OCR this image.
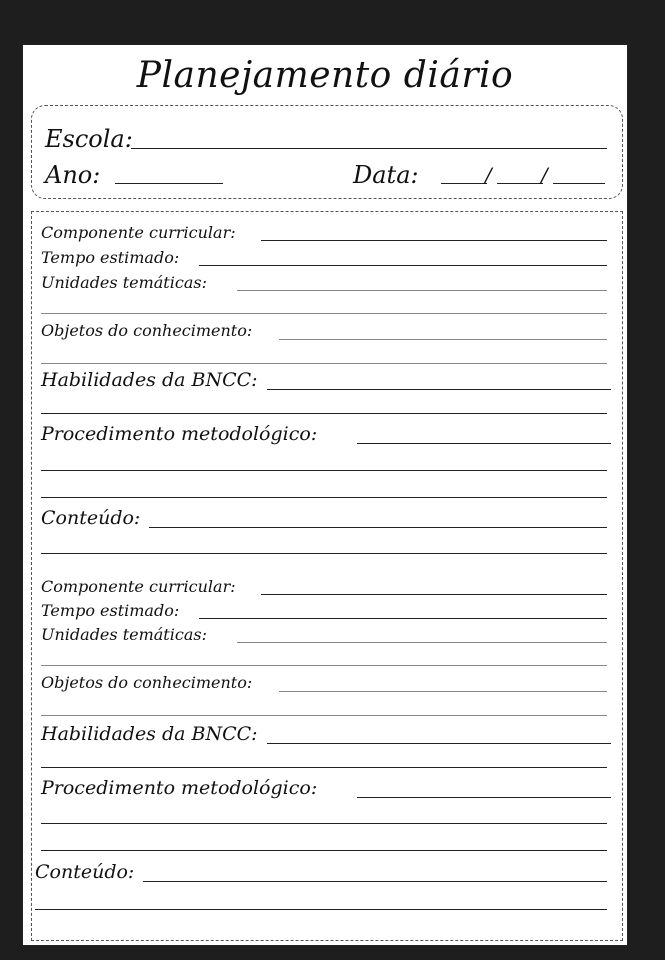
Planejamento diário
Escola:
Ano:	Data:	/ /
Componente curricular:
Tempo estimado:
Unidades temáticas:
Objetos do conhecimento:
Habilidades da BNCC:
Procedimento metodológico:
Conteúdo:
Componente curricular:
Tempo estimado:
Unidades temáticas:
Objetos do conhecimento:
Habilidades da BNCC:
Procedimento metodológico:
Conteúdo:
